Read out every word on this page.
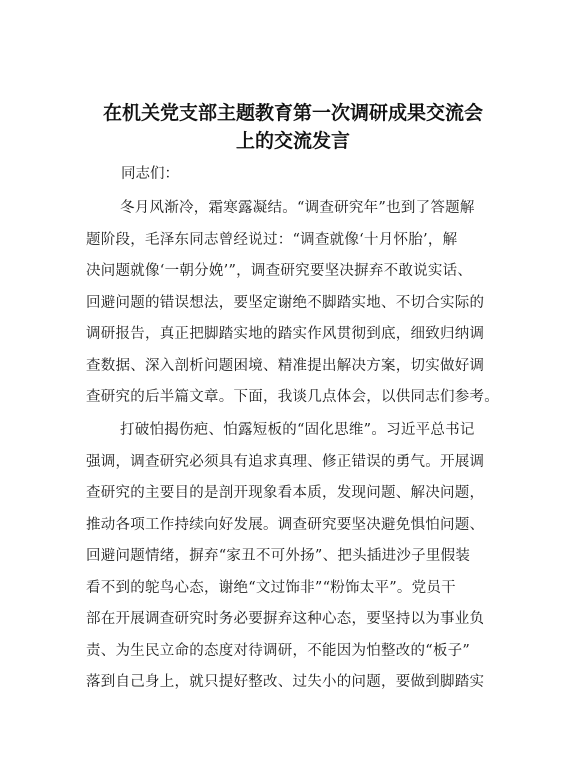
在机关党支部主题教育第一次调研成果交流会
上的交流发言

同志们：

冬月风渐冷，霜寒露凝结。“调查研究年”也到了答题解
题阶段，毛泽东同志曾经说过：“调查就像‘十月怀胎’，解
决问题就像‘一朝分娩’”，调查研究要坚决摒弃不敢说实话、
回避问题的错误想法，要坚定谢绝不脚踏实地、不切合实际的
调研报告，真正把脚踏实地的踏实作风贯彻到底，细致归纳调
查数据、深入剖析问题困境、精准提出解决方案，切实做好调
查研究的后半篇文章。下面，我谈几点体会，以供同志们参考。
打破怕揭伤疤、怕露短板的“固化思维”。习近平总书记
强调，调查研究必须具有追求真理、修正错误的勇气。开展调
查研究的主要目的是剖开现象看本质，发现问题、解决问题，
推动各项工作持续向好发展。调查研究要坚决避免惧怕问题、
回避问题情绪，摒弃“家丑不可外扬”、把头插进沙子里假装
看不到的鸵鸟心态，谢绝“文过饰非”“粉饰太平”。党员干
部在开展调查研究时务必要摒弃这种心态，要坚持以为事业负
责、为生民立命的态度对待调研，不能因为怕整改的“板子”
落到自己身上，就只提好整改、过失小的问题，要做到脚踏实
